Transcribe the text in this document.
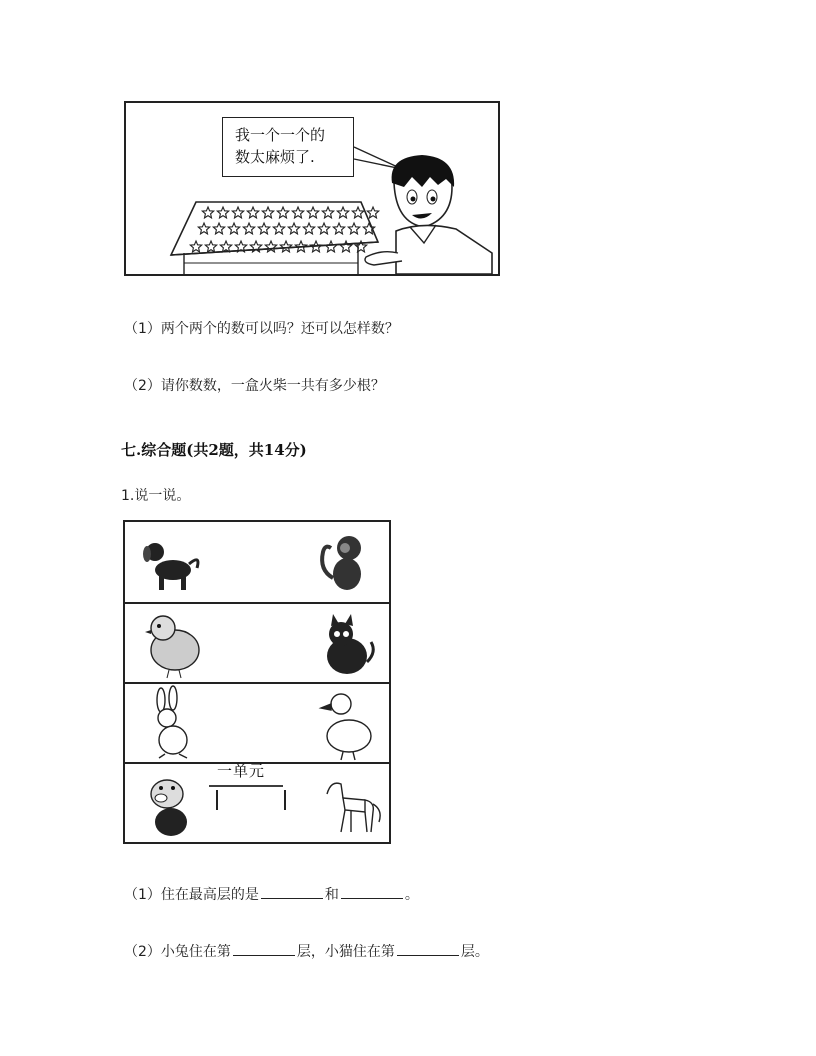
我一个一个的
数太麻烦了.
（1）两个两个的数可以吗？还可以怎样数？
（2）请你数数，一盒火柴一共有多少根？
七.综合题(共2题，共14分)
1.说一说。
一单元
（1）住在最高层的是	和	。
（2）小兔住在第	层，小猫住在第	层。
